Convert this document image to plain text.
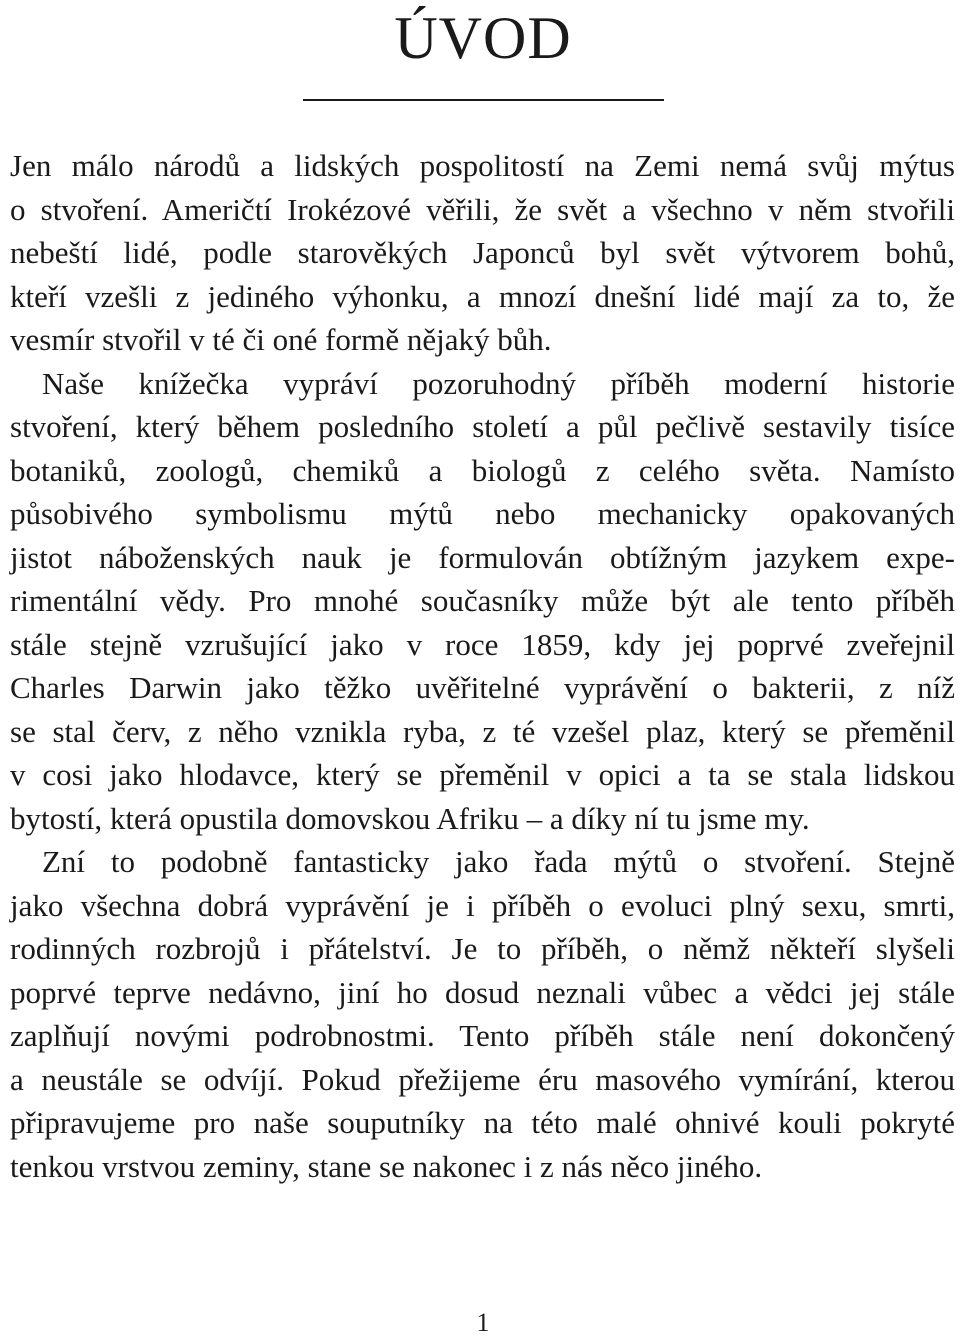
ÚVOD
Jen málo národů a lidských pospolitostí na Zemi nemá svůj mýtus
o stvoření. Američtí Irokézové věřili, že svět a všechno v něm stvořili
nebeští lidé, podle starověkých Japonců byl svět výtvorem bohů,
kteří vzešli z jediného výhonku, a mnozí dnešní lidé mají za to, že
vesmír stvořil v té či oné formě nějaký bůh.
Naše knížečka vypráví pozoruhodný příběh moderní historie
stvoření, který během posledního století a půl pečlivě sestavily tisíce
botaniků, zoologů, chemiků a biologů z celého světa. Namísto
působivého symbolismu mýtů nebo mechanicky opakovaných
jistot náboženských nauk je formulován obtížným jazykem expe-
rimentální vědy. Pro mnohé současníky může být ale tento příběh
stále stejně vzrušující jako v roce 1859, kdy jej poprvé zveřejnil
Charles Darwin jako těžko uvěřitelné vyprávění o bakterii, z níž
se stal červ, z něho vznikla ryba, z té vzešel plaz, který se přeměnil
v cosi jako hlodavce, který se přeměnil v opici a ta se stala lidskou
bytostí, která opustila domovskou Afriku – a díky ní tu jsme my.
Zní to podobně fantasticky jako řada mýtů o stvoření. Stejně
jako všechna dobrá vyprávění je i příběh o evoluci plný sexu, smrti,
rodinných rozbrojů i přátelství. Je to příběh, o němž někteří slyšeli
poprvé teprve nedávno, jiní ho dosud neznali vůbec a vědci jej stále
zaplňují novými podrobnostmi. Tento příběh stále není dokončený
a neustále se odvíjí. Pokud přežijeme éru masového vymírání, kterou
připravujeme pro naše souputníky na této malé ohnivé kouli pokryté
tenkou vrstvou zeminy, stane se nakonec i z nás něco jiného.
1
